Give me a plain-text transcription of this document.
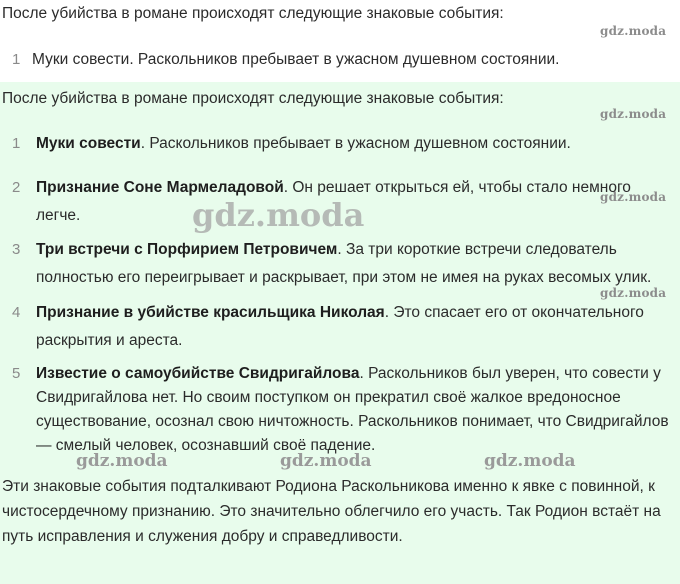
После убийства в романе происходят следующие знаковые события:
gdz.moda
1 Муки совести. Раскольников пребывает в ужасном душевном состоянии.
После убийства в романе происходят следующие знаковые события:
gdz.moda
1	Муки совести. Раскольников пребывает в ужасном душевном состоянии.
gdz.moda
2	Признание Соне Мармеладовой. Он решает открыться ей, чтобы стало немного легче.	gdz.moda
3	Три встречи с Порфирием Петровичем. За три короткие встречи следователь полностью его переигрывает и раскрывает, при этом не имея на руках весомых улик.
gdz.moda
4	Признание в убийстве красильщика Николая. Это спасает его от окончательного раскрытия и ареста.
5	Известие о самоубийстве Свидригайлова. Раскольников был уверен, что совести у Свидригайлова нет. Но своим поступком он прекратил своё жалкое вредоносное существование, осознал свою ничтожность. Раскольников понимает, что Свидригайлов — смелый человек, осознавший своё падение.
gdz.moda	gdz.moda	gdz.moda
Эти знаковые события подталкивают Родиона Раскольникова именно к явке с повинной, к чистосердечному признанию. Это значительно облегчило его участь. Так Родион встаёт на путь исправления и служения добру и справедливости.
